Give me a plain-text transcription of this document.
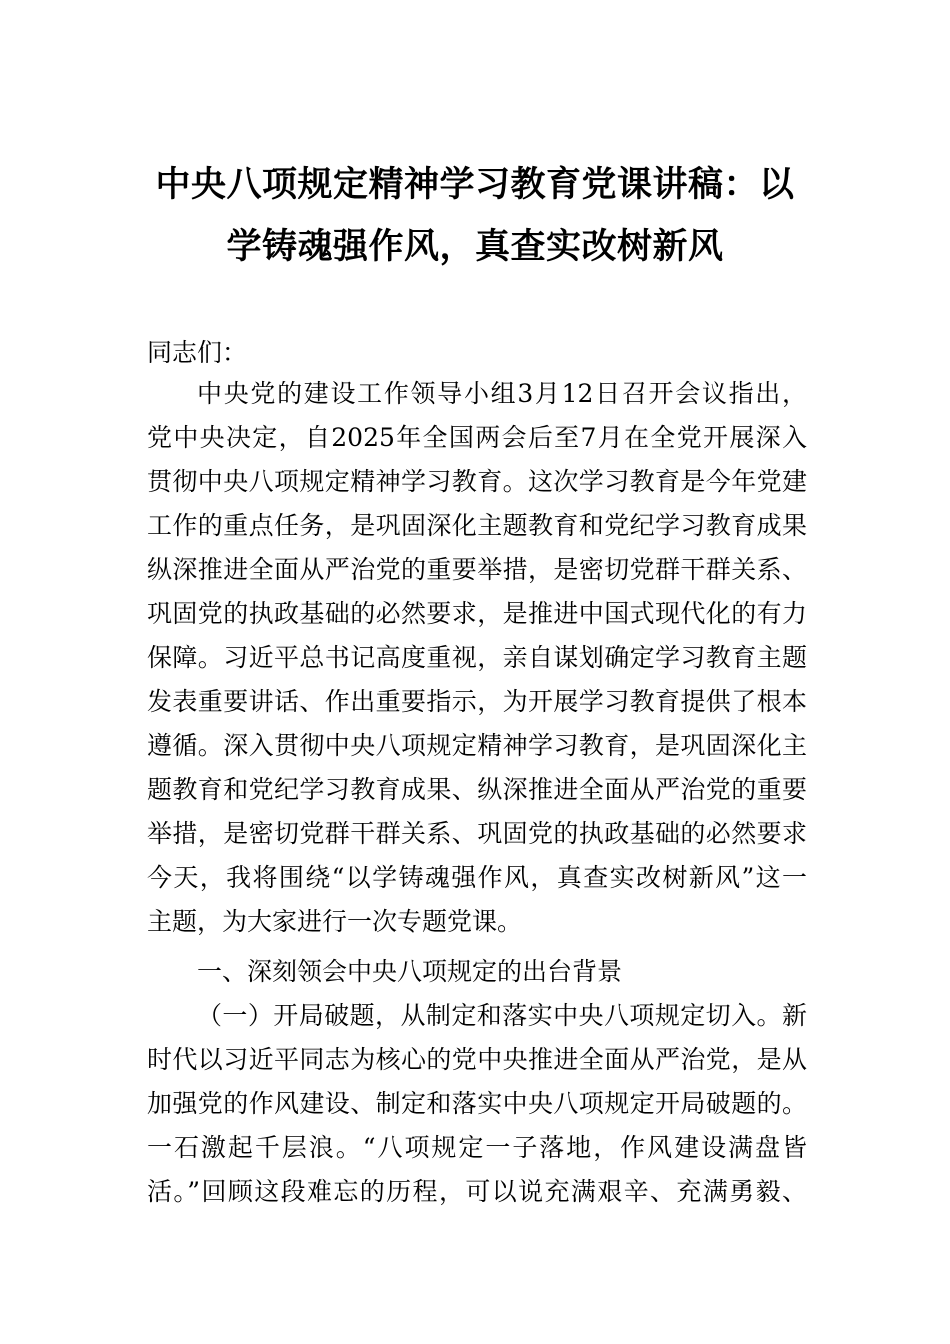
中央八项规定精神学习教育党课讲稿：以
学铸魂强作风，真查实改树新风
同志们：
中央党的建设工作领导小组3月12日召开会议指出，
党中央决定，自2025年全国两会后至7月在全党开展深入
贯彻中央八项规定精神学习教育。这次学习教育是今年党建
工作的重点任务，是巩固深化主题教育和党纪学习教育成果
纵深推进全面从严治党的重要举措，是密切党群干群关系、
巩固党的执政基础的必然要求，是推进中国式现代化的有力
保障。习近平总书记高度重视，亲自谋划确定学习教育主题
发表重要讲话、作出重要指示，为开展学习教育提供了根本
遵循。深入贯彻中央八项规定精神学习教育，是巩固深化主
题教育和党纪学习教育成果、纵深推进全面从严治党的重要
举措，是密切党群干群关系、巩固党的执政基础的必然要求
今天，我将围绕“以学铸魂强作风，真查实改树新风”这一
主题，为大家进行一次专题党课。
一、深刻领会中央八项规定的出台背景
（一）开局破题，从制定和落实中央八项规定切入。新
时代以习近平同志为核心的党中央推进全面从严治党，是从
加强党的作风建设、制定和落实中央八项规定开局破题的。
一石激起千层浪。“八项规定一子落地，作风建设满盘皆
活。”回顾这段难忘的历程，可以说充满艰辛、充满勇毅、
